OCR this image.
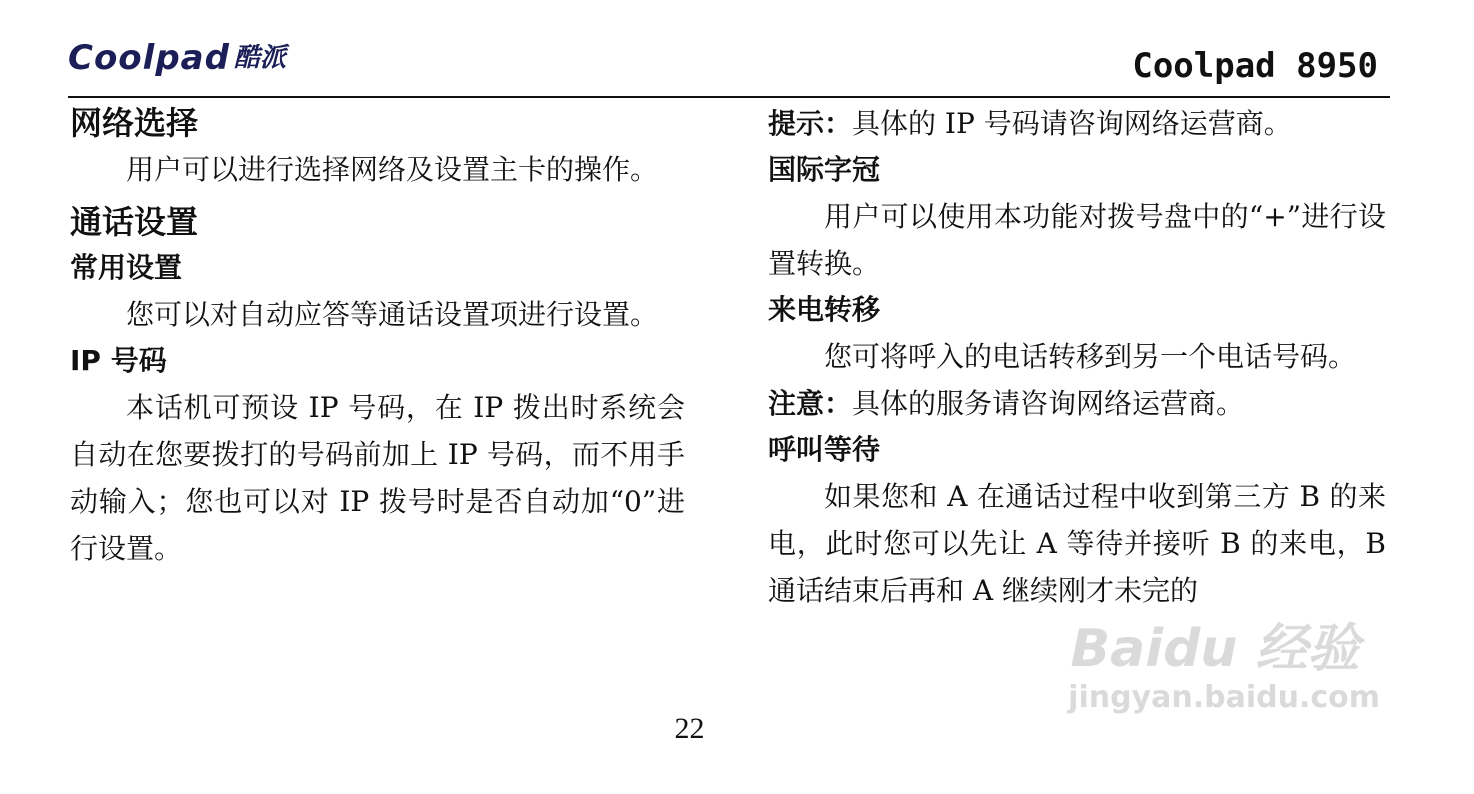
Coolpad 酷派	Coolpad 8950
网络选择

用户可以进行选择网络及设置主卡的操作。

通话设置
常用设置

您可以对自动应答等通话设置项进行设置。

IP 号码

本话机可预设 IP 号码，在 IP 拨出时系统会自动在您要拨打的号码前加上 IP 号码，而不用手动输入；您也可以对 IP 拨号时是否自动加“0”进行设置。

提示：具体的 IP 号码请咨询网络运营商。

国际字冠

用户可以使用本功能对拨号盘中的“+”进行设置转换。

来电转移

您可将呼入的电话转移到另一个电话号码。

注意：具体的服务请咨询网络运营商。

呼叫等待

如果您和 A 在通话过程中收到第三方 B 的来电，此时您可以先让 A 等待并接听 B 的来电，B 通话结束后再和 A 继续刚才未完的

22
Baidu 经验
jingyan.baidu.com
